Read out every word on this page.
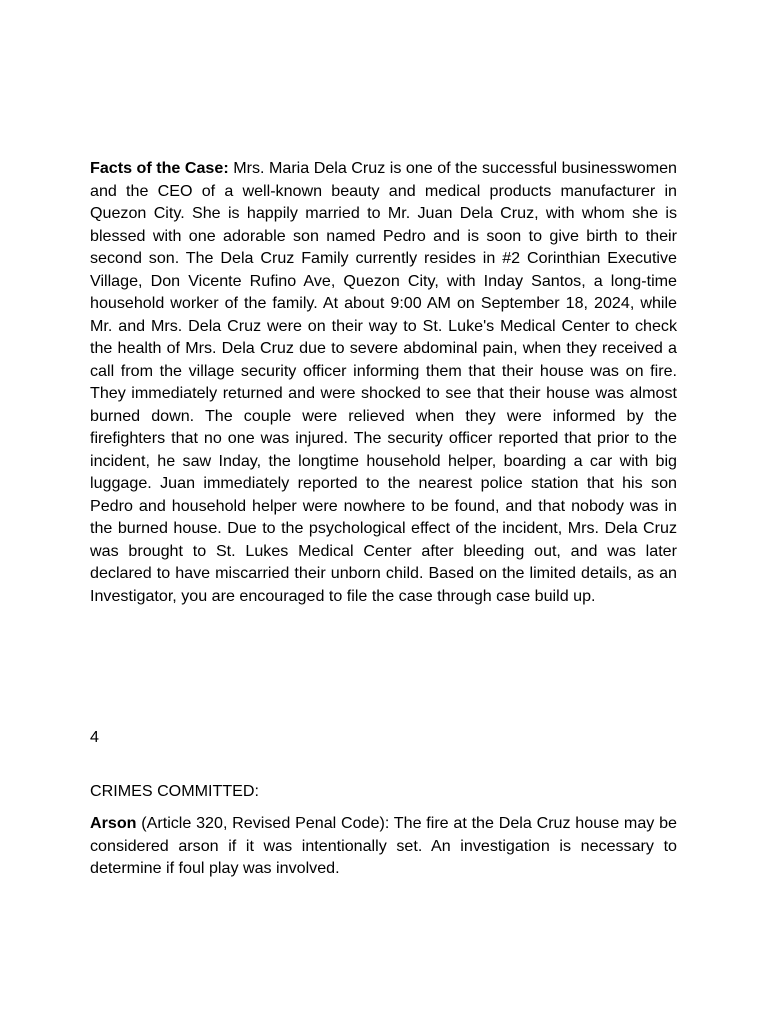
Facts of the Case: Mrs. Maria Dela Cruz is one of the successful businesswomen and the CEO of a well-known beauty and medical products manufacturer in Quezon City. She is happily married to Mr. Juan Dela Cruz, with whom she is blessed with one adorable son named Pedro and is soon to give birth to their second son. The Dela Cruz Family currently resides in #2 Corinthian Executive Village, Don Vicente Rufino Ave, Quezon City, with Inday Santos, a long-time household worker of the family. At about 9:00 AM on September 18, 2024, while Mr. and Mrs. Dela Cruz were on their way to St. Luke's Medical Center to check the health of Mrs. Dela Cruz due to severe abdominal pain, when they received a call from the village security officer informing them that their house was on fire. They immediately returned and were shocked to see that their house was almost burned down. The couple were relieved when they were informed by the firefighters that no one was injured. The security officer reported that prior to the incident, he saw Inday, the longtime household helper, boarding a car with big luggage. Juan immediately reported to the nearest police station that his son Pedro and household helper were nowhere to be found, and that nobody was in the burned house. Due to the psychological effect of the incident, Mrs. Dela Cruz was brought to St. Lukes Medical Center after bleeding out, and was later declared to have miscarried their unborn child. Based on the limited details, as an Investigator, you are encouraged to file the case through case build up.

4

CRIMES COMMITTED:

Arson (Article 320, Revised Penal Code): The fire at the Dela Cruz house may be considered arson if it was intentionally set. An investigation is necessary to determine if foul play was involved.
